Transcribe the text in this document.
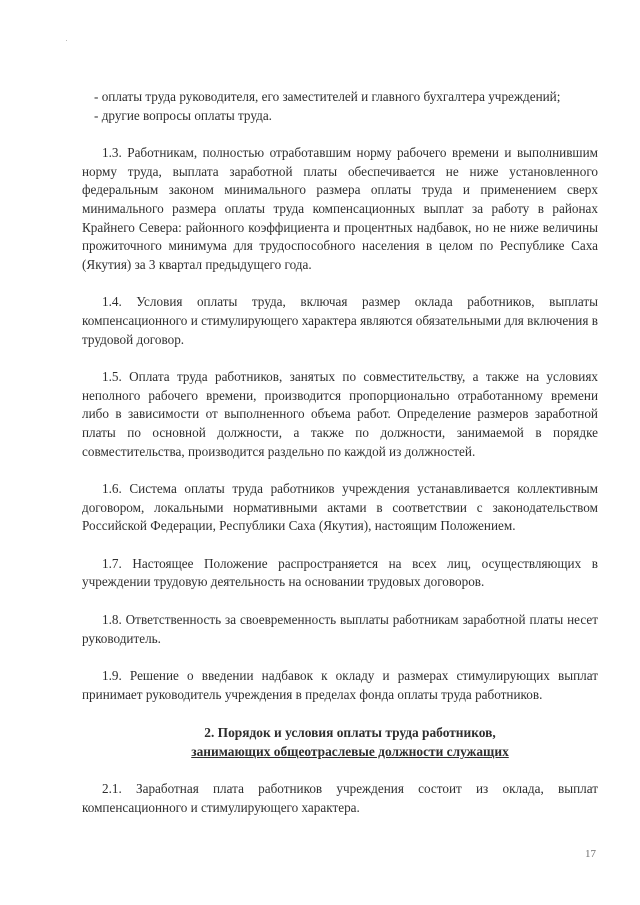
- оплаты труда руководителя, его заместителей и главного бухгалтера учреждений;

- другие вопросы оплаты труда.

1.3. Работникам, полностью отработавшим норму рабочего времени и выполнившим норму труда, выплата заработной платы обеспечивается не ниже установленного федеральным законом минимального размера оплаты труда и применением сверх минимального размера оплаты труда компенсационных выплат за работу в районах Крайнего Севера: районного коэффициента и процентных надбавок, но не ниже величины прожиточного минимума для трудоспособного населения в целом по Республике Саха (Якутия) за 3 квартал предыдущего года.

1.4. Условия оплаты труда, включая размер оклада работников, выплаты компенсационного и стимулирующего характера являются обязательными для включения в трудовой договор.

1.5. Оплата труда работников, занятых по совместительству, а также на условиях неполного рабочего времени, производится пропорционально отработанному времени либо в зависимости от выполненного объема работ. Определение размеров заработной платы по основной должности, а также по должности, занимаемой в порядке совместительства, производится раздельно по каждой из должностей.

1.6. Система оплаты труда работников учреждения устанавливается коллективным договором, локальными нормативными актами в соответствии с законодательством Российской Федерации, Республики Саха (Якутия), настоящим Положением.

1.7. Настоящее Положение распространяется на всех лиц, осуществляющих в учреждении трудовую деятельность на основании трудовых договоров.

1.8. Ответственность за своевременность выплаты работникам заработной платы несет руководитель.

1.9. Решение о введении надбавок к окладу и размерах стимулирующих выплат принимает руководитель учреждения в пределах фонда оплаты труда работников.

2. Порядок и условия оплаты труда работников,
занимающих общеотраслевые должности служащих

2.1. Заработная плата работников учреждения состоит из оклада, выплат компенсационного и стимулирующего характера.

17
